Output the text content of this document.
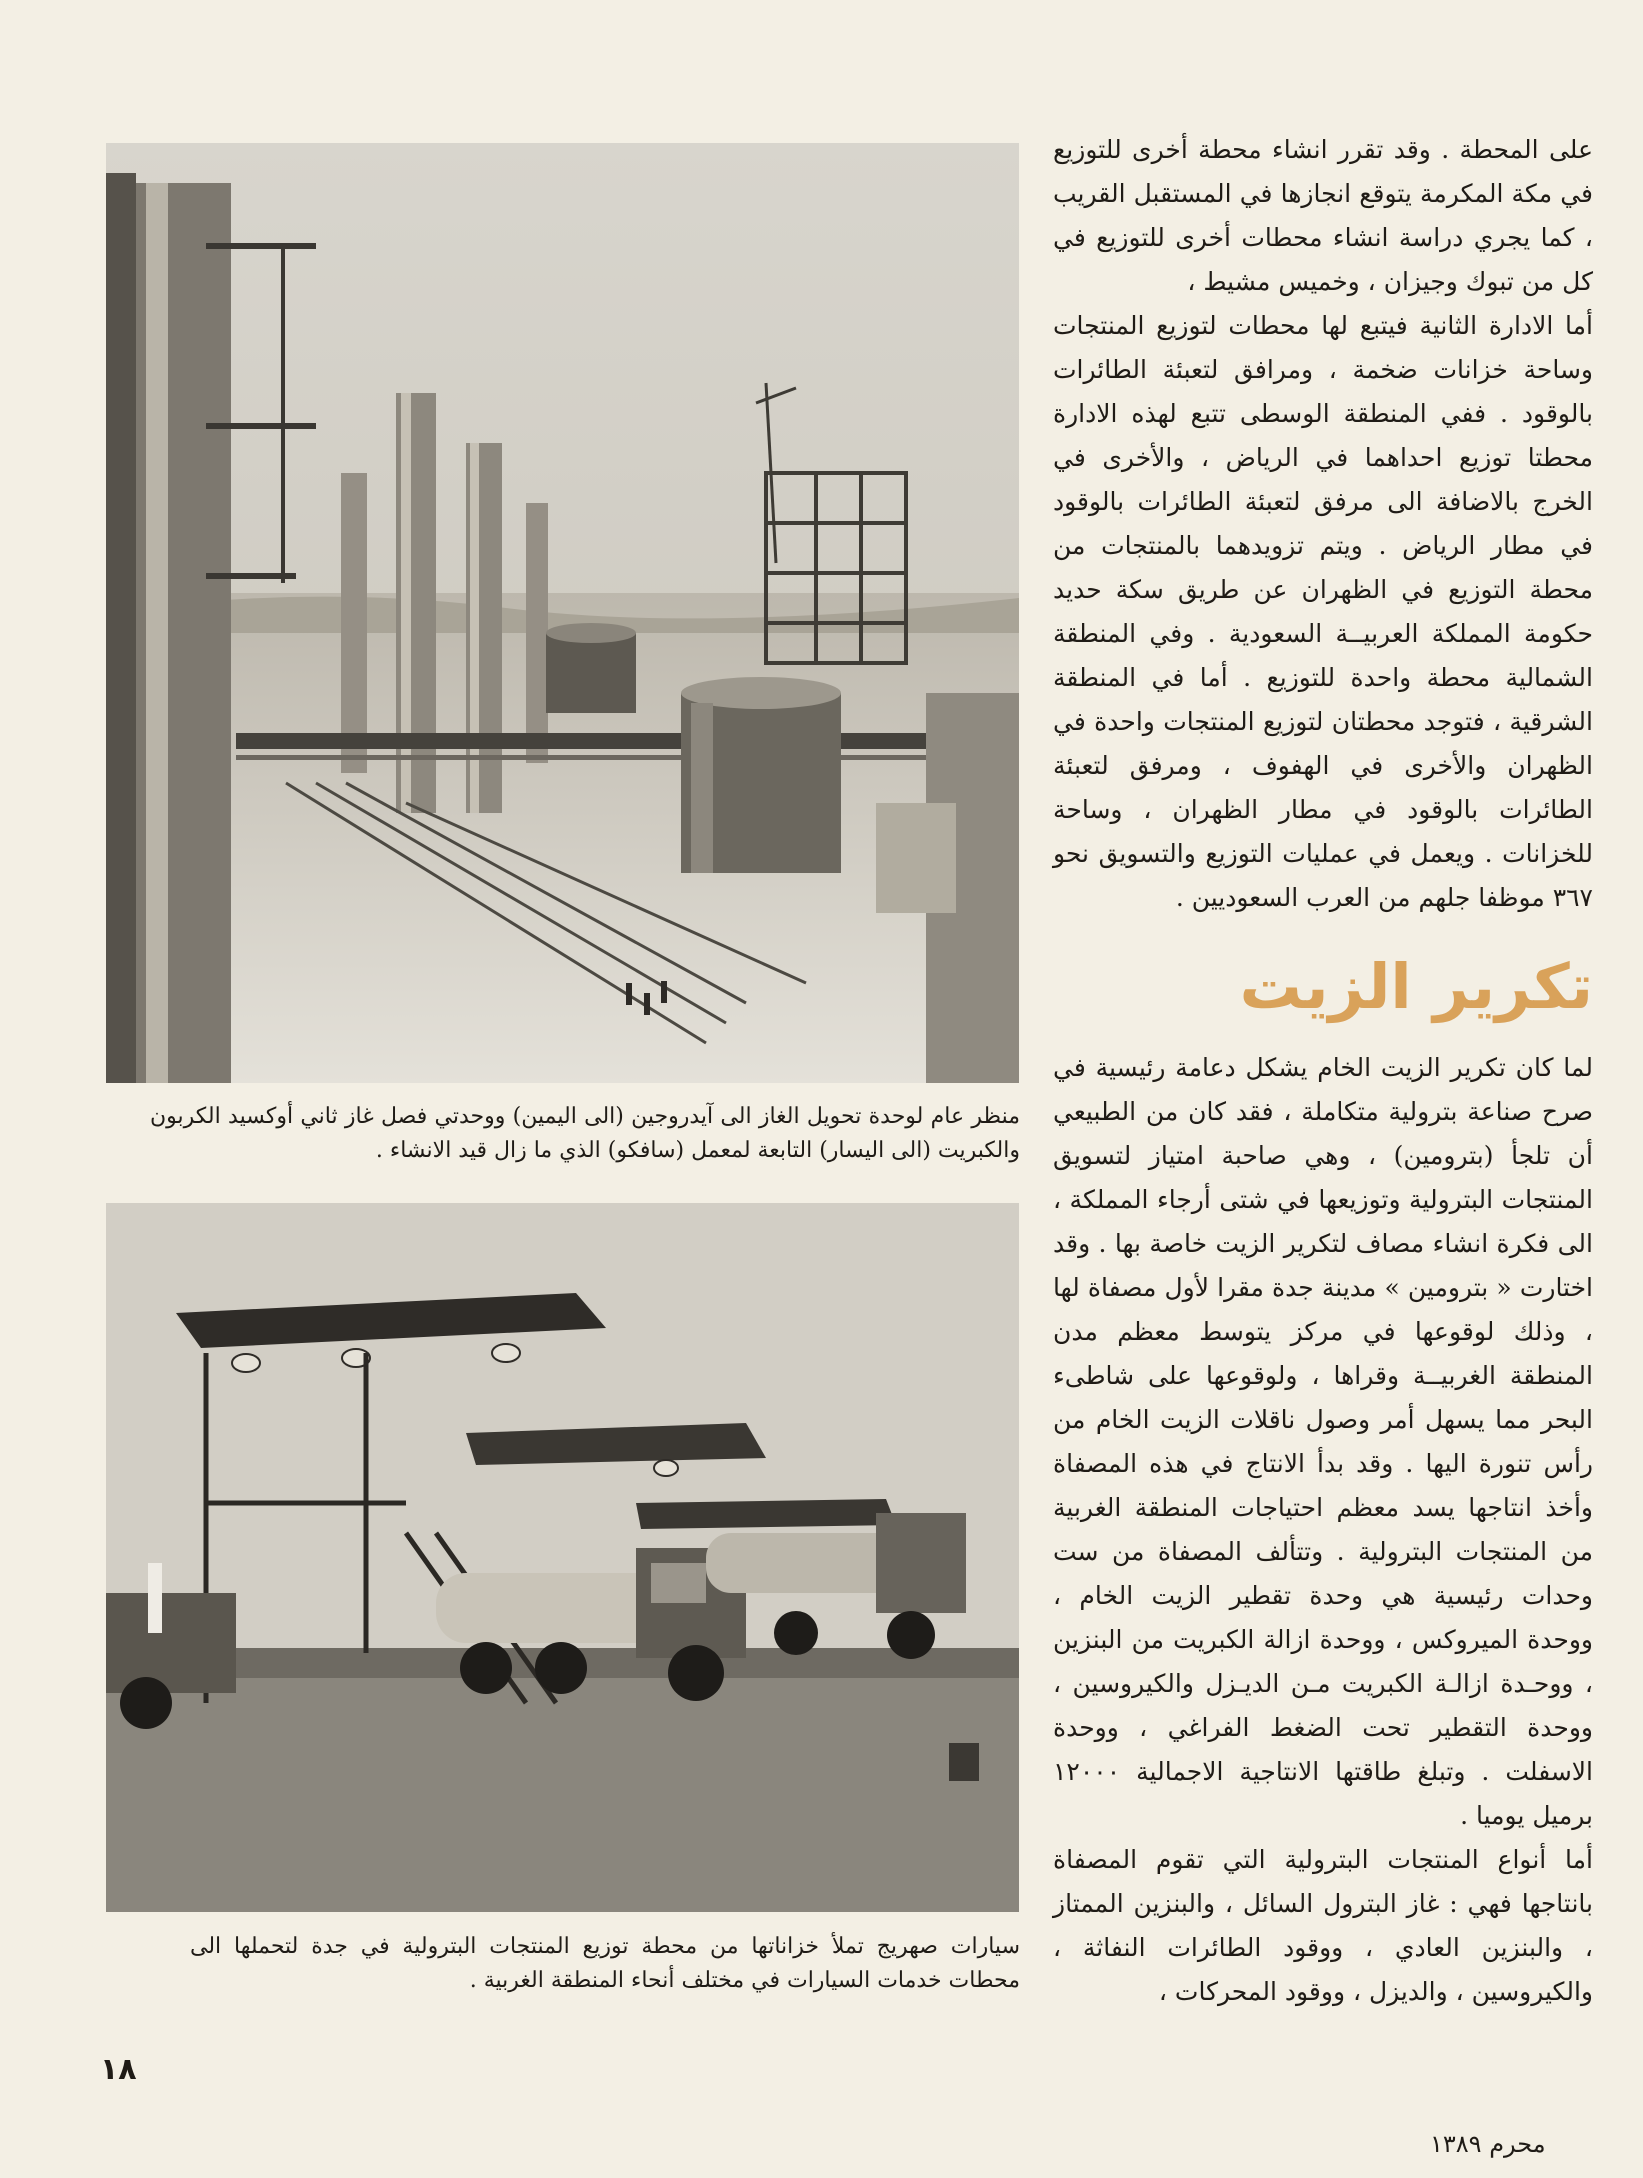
منظر عام لوحدة تحويل الغاز الى آيدروجين (الى اليمين) ووحدتي فصل غاز ثاني أوكسيد الكربون والكبريت (الى اليسار) التابعة لمعمل (سافكو) الذي ما زال قيد الانشاء .

سيارات صهريج تملأ خزاناتها من محطة توزيع المنتجات البترولية في جدة لتحملها الى محطات خدمات السيارات في مختلف أنحاء المنطقة الغربية .

على المحطة . وقد تقرر انشاء محطة أخرى للتوزيع في مكة المكرمة يتوقع انجازها في المستقبل القريب ، كما يجري دراسة انشاء محطات أخرى للتوزيع في كل من تبوك وجيزان ، وخميس مشيط ،

أما الادارة الثانية فيتبع لها محطات لتوزيع المنتجات وساحة خزانات ضخمة ، ومرافق لتعبئة الطائرات بالوقود . ففي المنطقة الوسطى تتبع لهذه الادارة محطتا توزيع احداهما في الرياض ، والأخرى في الخرج بالاضافة الى مرفق لتعبئة الطائرات بالوقود في مطار الرياض . ويتم تزويدهما بالمنتجات من محطة التوزيع في الظهران عن طريق سكة حديد حكومة المملكة العربيــة السعودية . وفي المنطقة الشمالية محطة واحدة للتوزيع . أما في المنطقة الشرقية ، فتوجد محطتان لتوزيع المنتجات واحدة في الظهران والأخرى في الهفوف ، ومرفق لتعبئة الطائرات بالوقود في مطار الظهران ، وساحة للخزانات . ويعمل في عمليات التوزيع والتسويق نحو ٣٦٧ موظفا جلهم من العرب السعوديين .

تكرير الزيت

لما كان تكرير الزيت الخام يشكل دعامة رئيسية في صرح صناعة بترولية متكاملة ، فقد كان من الطبيعي أن تلجأ (بترومين) ، وهي صاحبة امتياز لتسويق المنتجات البترولية وتوزيعها في شتى أرجاء المملكة ، الى فكرة انشاء مصاف لتكرير الزيت خاصة بها . وقد اختارت « بترومين » مدينة جدة مقرا لأول مصفاة لها ، وذلك لوقوعها في مركز يتوسط معظم مدن المنطقة الغربيــة وقراها ، ولوقوعها على شاطىء البحر مما يسهل أمر وصول ناقلات الزيت الخام من رأس تنورة اليها . وقد بدأ الانتاج في هذه المصفاة وأخذ انتاجها يسد معظم احتياجات المنطقة الغربية من المنتجات البترولية . وتتألف المصفاة من ست وحدات رئيسية هي وحدة تقطير الزيت الخام ، ووحدة الميروكس ، ووحدة ازالة الكبريت من البنزين ، ووحـدة ازالـة الكبريت مـن الديـزل والكيروسين ، ووحدة التقطير تحت الضغط الفراغي ، ووحدة الاسفلت . وتبلغ طاقتها الانتاجية الاجمالية ١٢٠٠٠ برميل يوميا .

أما أنواع المنتجات البترولية التي تقوم المصفاة بانتاجها فهي : غاز البترول السائل ، والبنزين الممتاز ، والبنزين العادي ، ووقود الطائرات النفاثة ، والكيروسين ، والديزل ، ووقود المحركات ،

١٨
محرم ١٣٨٩
